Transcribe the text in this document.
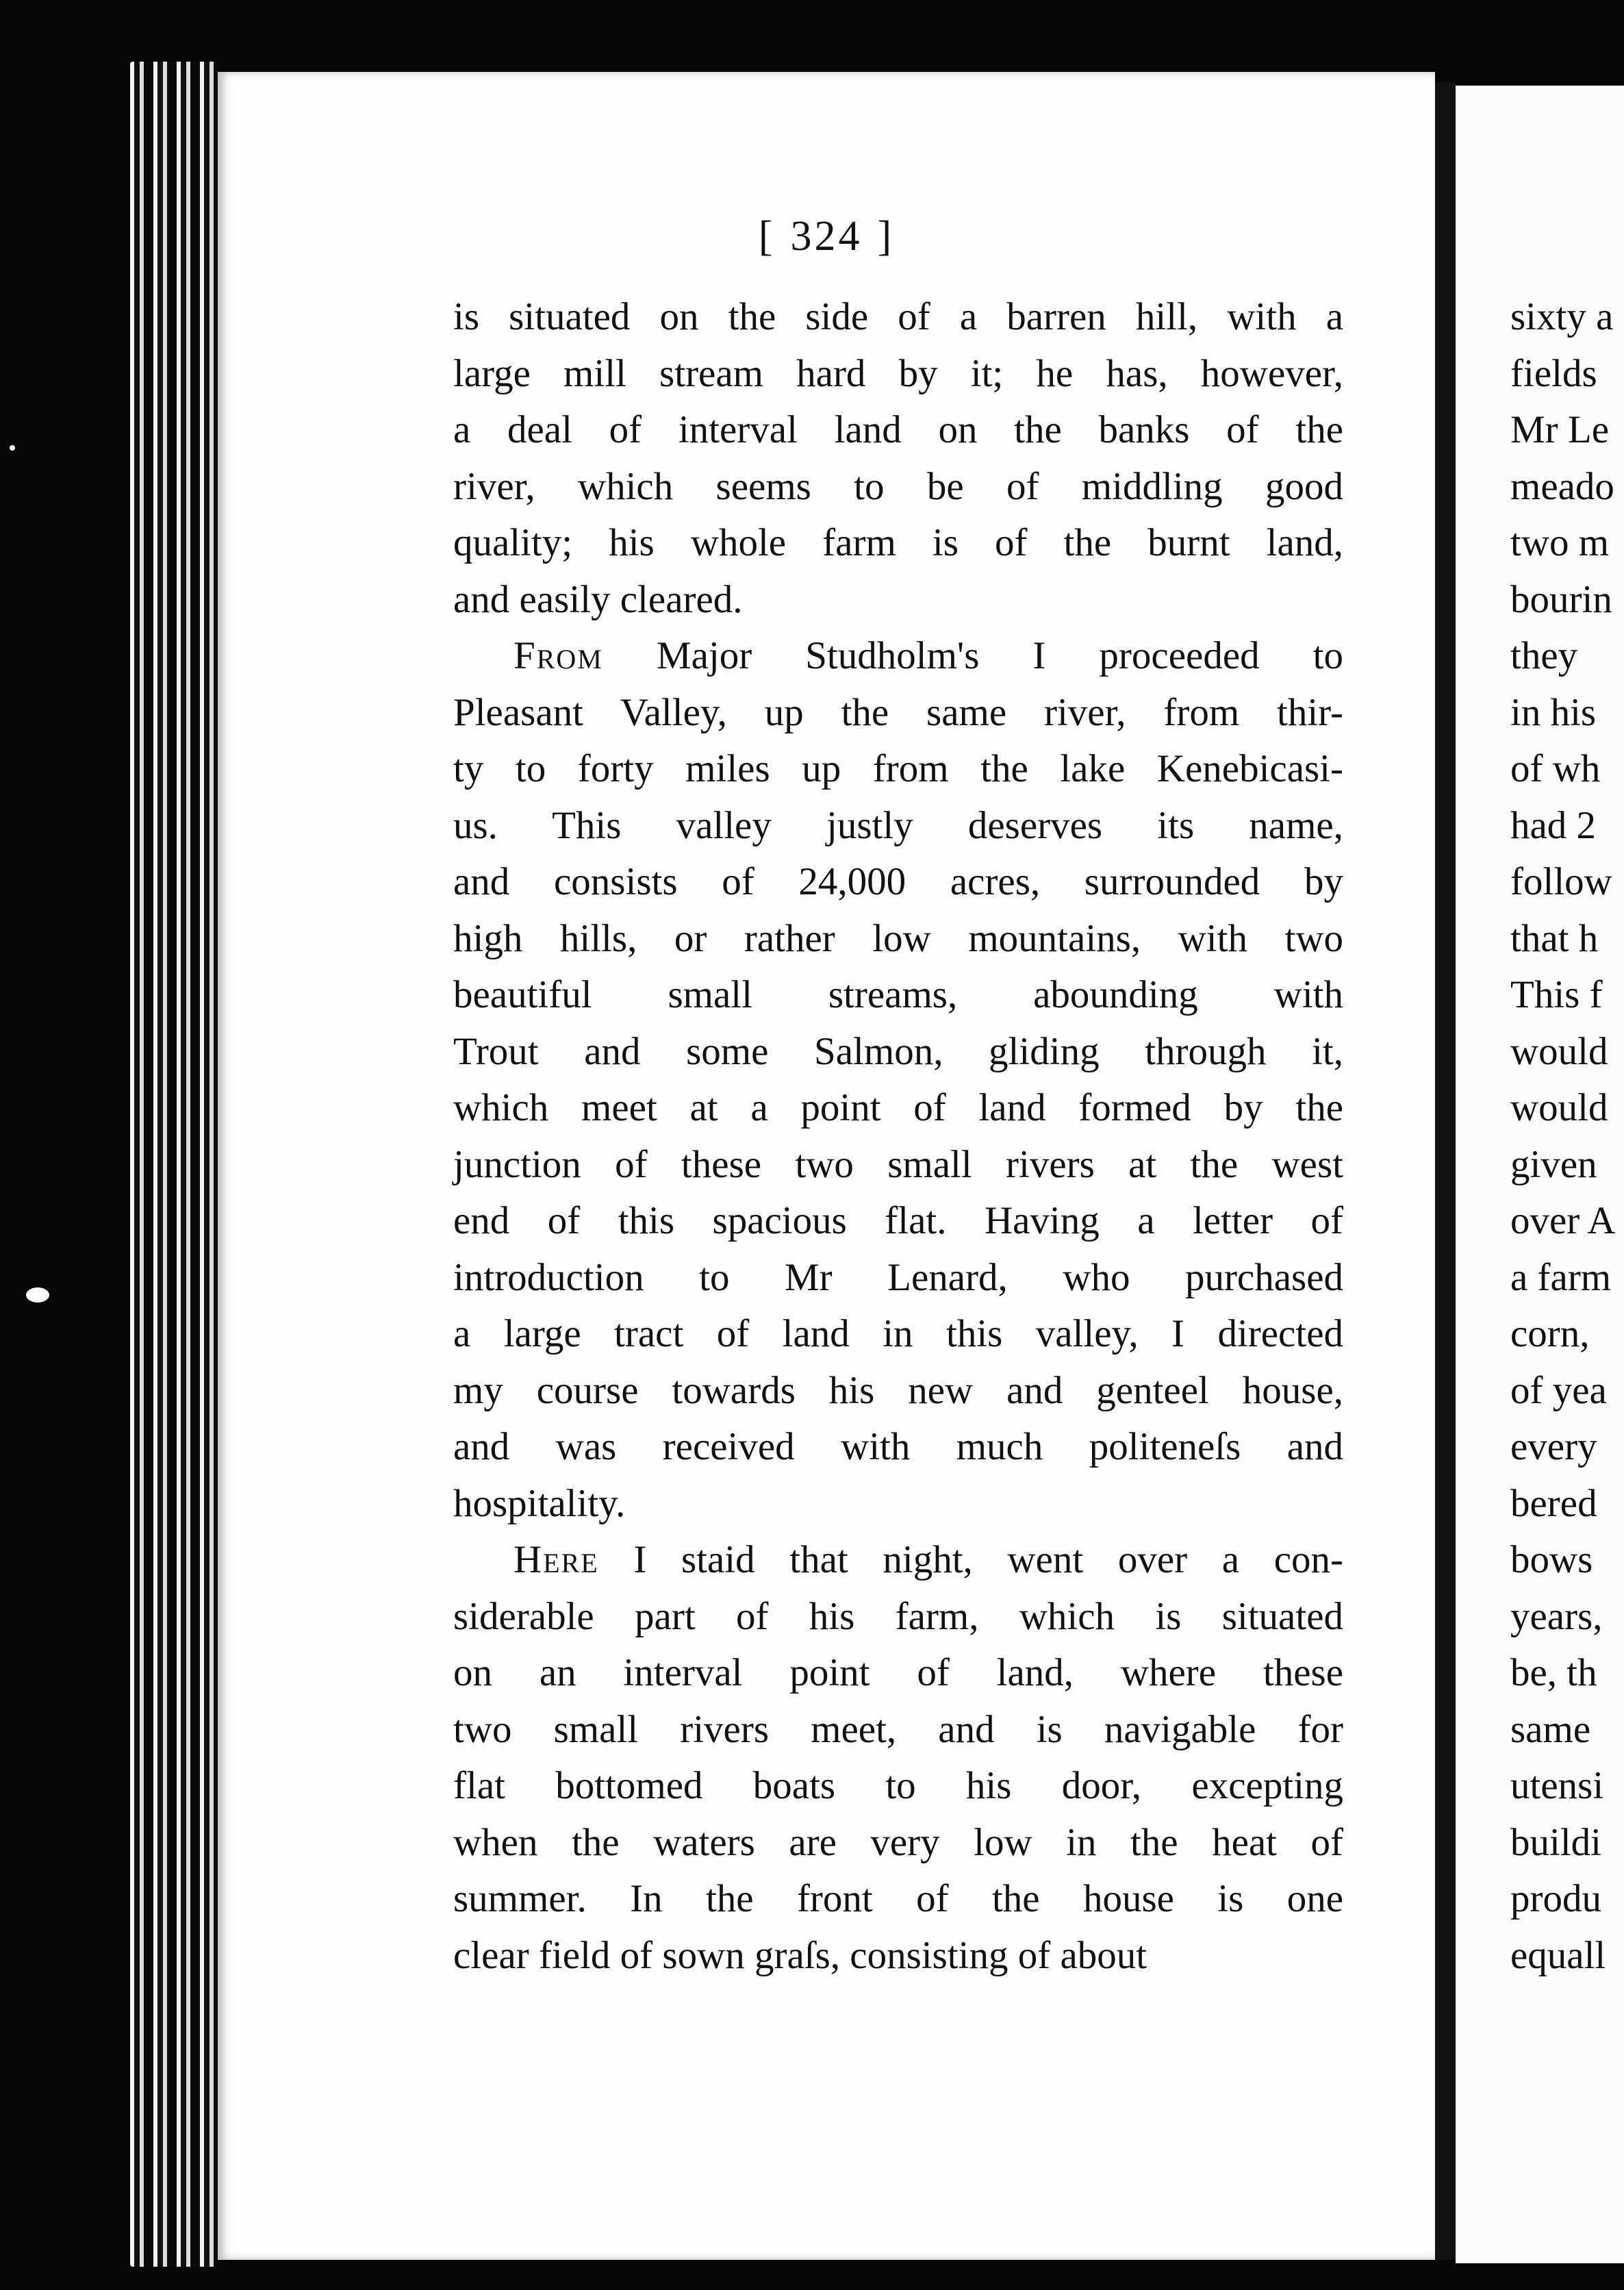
[ 324 ]
is situated on the side of a barren hill, with a
large mill stream hard by it; he has, however,
a deal of interval land on the banks of the
river, which seems to be of middling good
quality; his whole farm is of the burnt land,
and easily cleared.
From Major Studholm's I proceeded to
Pleasant Valley, up the same river, from thir-
ty to forty miles up from the lake Kenebicasi-
us. This valley justly deserves its name,
and consists of 24,000 acres, surrounded by
high hills, or rather low mountains, with two
beautiful small streams, abounding with
Trout and some Salmon, gliding through it,
which meet at a point of land formed by the
junction of these two small rivers at the west
end of this spacious flat. Having a letter of
introduction to Mr Lenard, who purchased
a large tract of land in this valley, I directed
my course towards his new and genteel house,
and was received with much politeneſs and
hospitality.
Here I staid that night, went over a con-
siderable part of his farm, which is situated
on an interval point of land, where these
two small rivers meet, and is navigable for
flat bottomed boats to his door, excepting
when the waters are very low in the heat of
summer. In the front of the house is one
clear field of sown graſs, consisting of about
sixty a
fields
Mr Le
meado
two m
bourin
they
in his
of wh
had 2
follow
that h
This f
would
would
given
over A
a farm
corn,
of yea
every
bered
bows
years,
be, th
same
utensi
buildi
produ
equall
